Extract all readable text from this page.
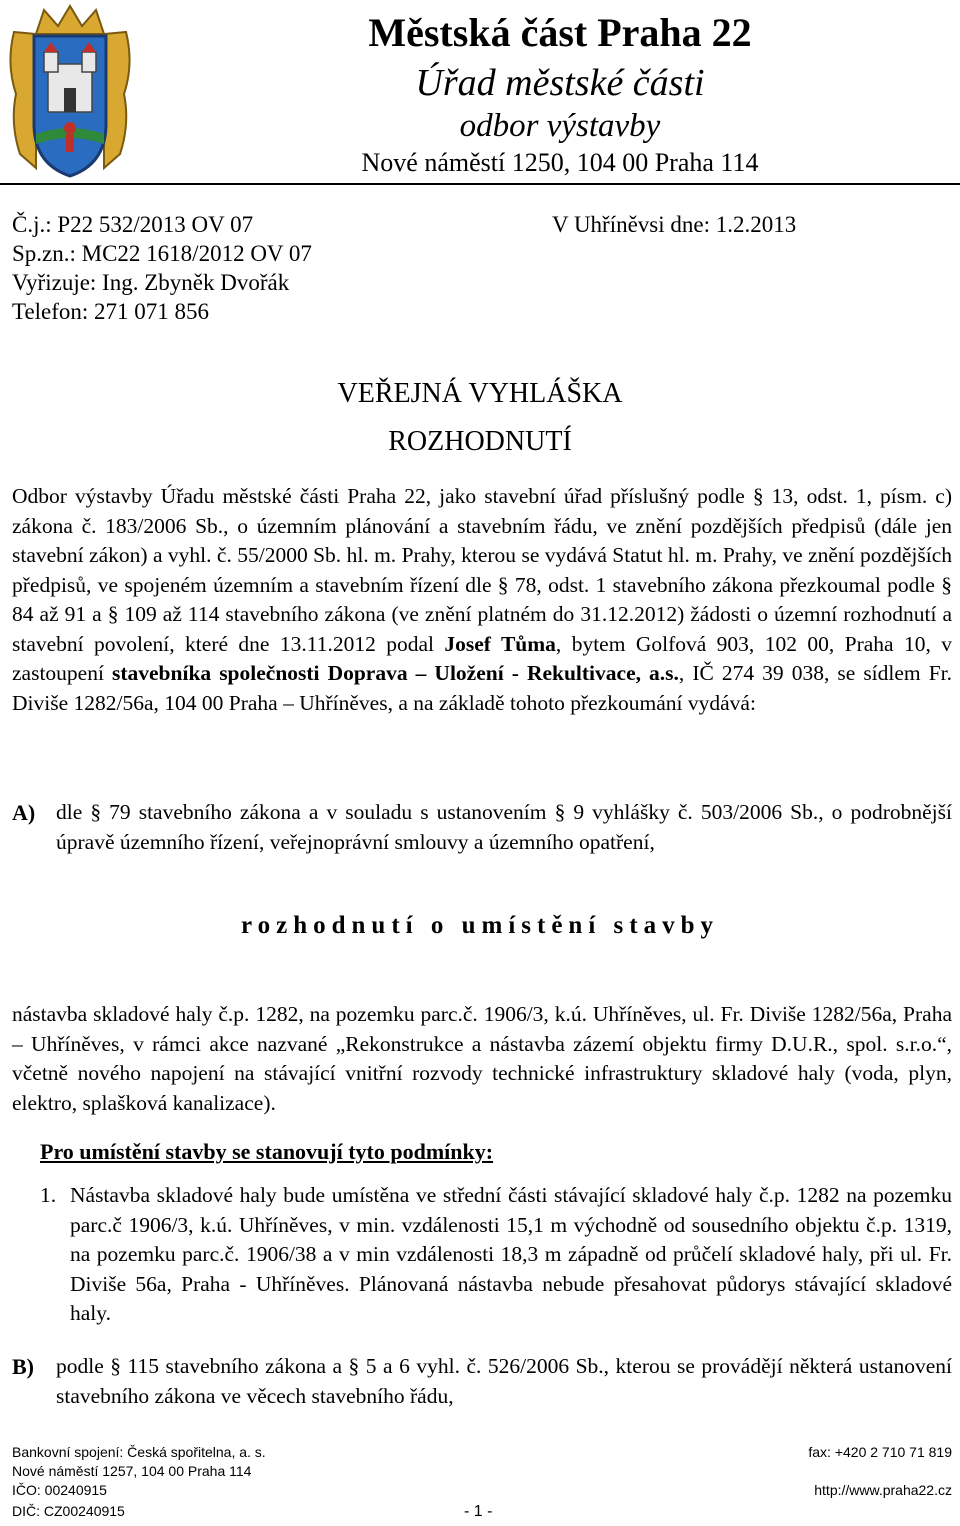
Městská část Praha 22
Úřad městské části
odbor výstavby
Nové náměstí 1250, 104 00 Praha 114
Č.j.: P22 532/2013 OV 07
Sp.zn.: MC22 1618/2012 OV 07
Vyřizuje: Ing. Zbyněk Dvořák
Telefon: 271 071 856
V Uhříněvsi dne: 1.2.2013
VEŘEJNÁ VYHLÁŠKA
ROZHODNUTÍ
Odbor výstavby Úřadu městské části Praha 22, jako stavební úřad příslušný podle § 13, odst. 1, písm. c) zákona č. 183/2006 Sb., o územním plánování a stavebním řádu, ve znění pozdějších předpisů (dále jen stavební zákon) a vyhl. č. 55/2000 Sb. hl. m. Prahy, kterou se vydává Statut hl. m. Prahy, ve znění pozdějších předpisů, ve spojeném územním a stavebním řízení dle § 78, odst. 1 stavebního zákona přezkoumal podle § 84 až 91 a § 109 až 114 stavebního zákona (ve znění platném do 31.12.2012) žádosti o územní rozhodnutí a stavební povolení, které dne 13.11.2012 podal Josef Tůma, bytem Golfová 903, 102 00, Praha 10, v zastoupení stavebníka společnosti Doprava – Uložení - Rekultivace, a.s., IČ 274 39 038, se sídlem Fr. Diviše 1282/56a, 104 00 Praha – Uhříněves, a na základě tohoto přezkoumání vydává:
A) dle § 79 stavebního zákona a v souladu s ustanovením § 9 vyhlášky č. 503/2006 Sb., o podrobnější úpravě územního řízení, veřejnoprávní smlouvy a územního opatření,
rozhodnutí o umístění stavby
nástavba skladové haly č.p. 1282, na pozemku parc.č. 1906/3, k.ú. Uhříněves, ul. Fr. Diviše 1282/56a, Praha – Uhříněves, v rámci akce nazvané „Rekonstrukce a nástavba zázemí objektu firmy D.U.R., spol. s.r.o.“, včetně nového napojení na stávající vnitřní rozvody technické infrastruktury skladové haly (voda, plyn, elektro, splašková kanalizace).
Pro umístění stavby se stanovují tyto podmínky:
1. Nástavba skladové haly bude umístěna ve střední části stávající skladové haly č.p. 1282 na pozemku parc.č 1906/3, k.ú. Uhříněves, v min. vzdálenosti 15,1 m východně od sousedního objektu č.p. 1319, na pozemku parc.č. 1906/38 a v min vzdálenosti 18,3 m západně od průčelí skladové haly, při ul. Fr. Diviše 56a, Praha - Uhříněves. Plánovaná nástavba nebude přesahovat půdorys stávající skladové haly.
B) podle § 115 stavebního zákona a § 5 a 6 vyhl. č. 526/2006 Sb., kterou se provádějí některá ustanovení stavebního zákona ve věcech stavebního řádu,
Bankovní spojení: Česká spořitelna, a. s.
Nové náměstí 1257, 104 00 Praha 114
IČO: 00240915
DIČ: CZ00240915
fax: +420 2 710 71 819
http://www.praha22.cz
- 1 -
